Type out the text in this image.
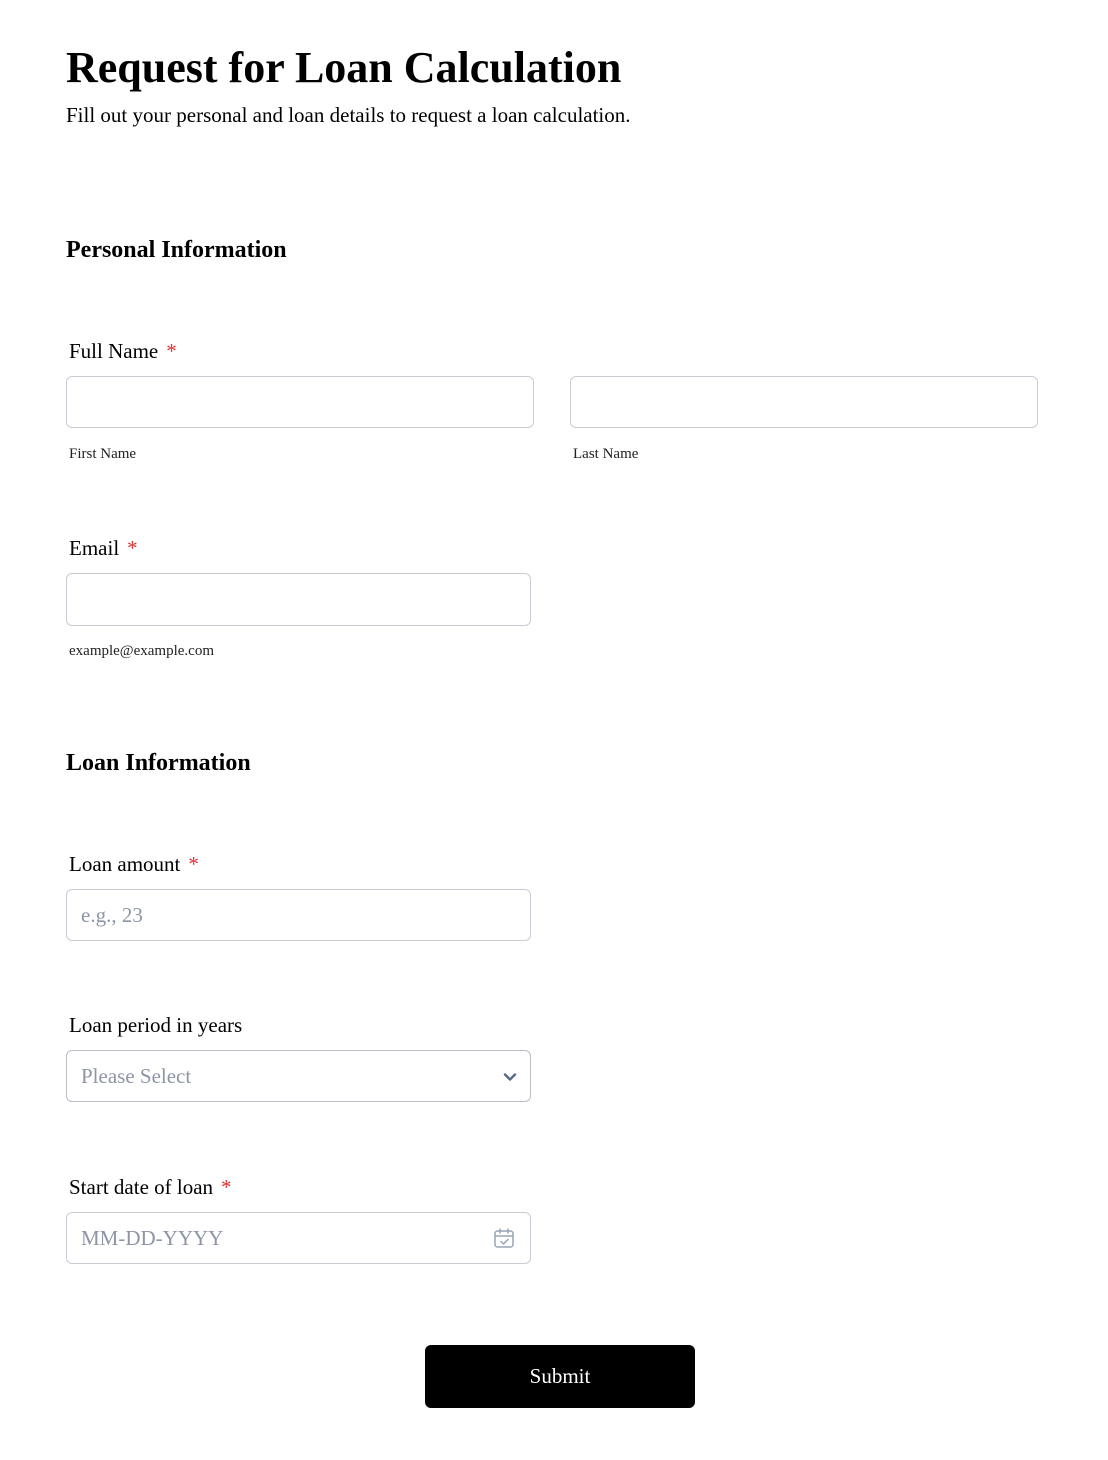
Request for Loan Calculation
Fill out your personal and loan details to request a loan calculation.
Personal Information
Full Name *
First Name	Last Name
Email *
example@example.com
Loan Information
Loan amount *
e.g., 23
Loan period in years
Please Select
Start date of loan *
MM-DD-YYYY
Submit
